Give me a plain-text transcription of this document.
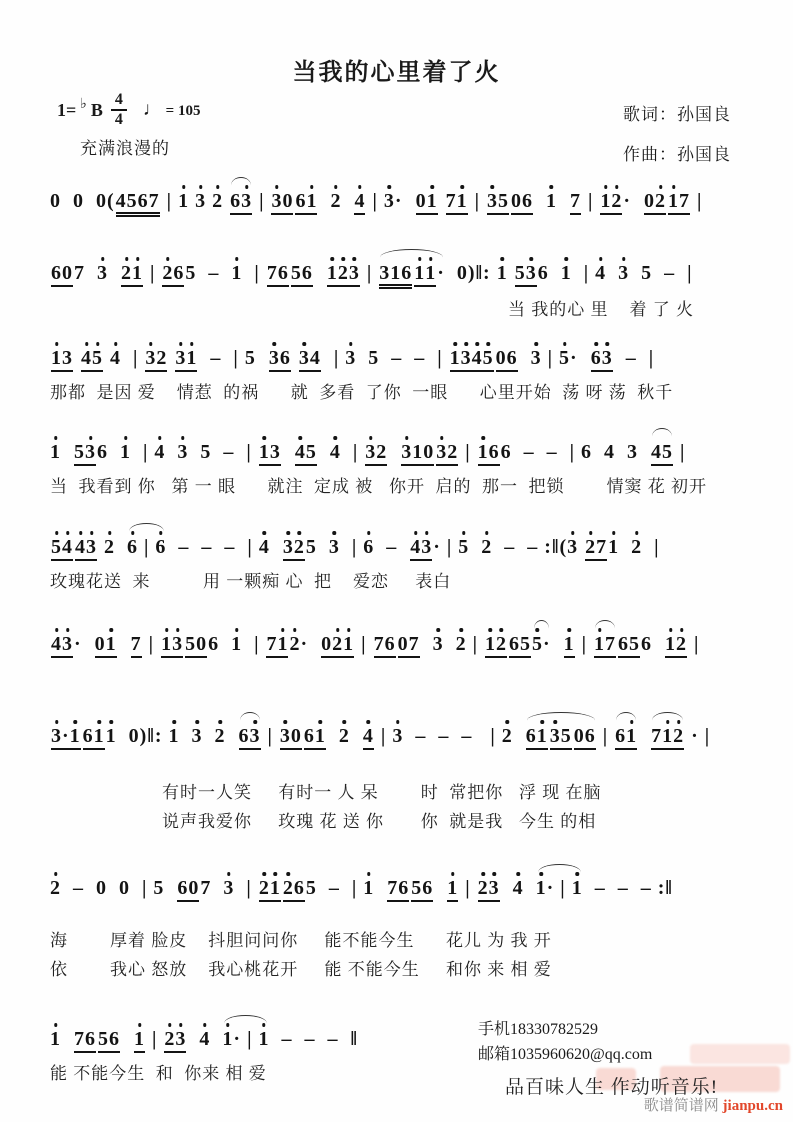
当我的心里着了火
1= ♭ B $\frac{4}{4}$ ♩ = 105	歌词：孙国良
充满浪漫的	作曲：孙国良
0 0 0(4567 | 1 3 2 63 | 3
0 61 2 4 | 3
· 01 71 | 3
5 06 1 7 | 1
2
· 02 1
7 |
607 3 2
1 | 2
65 – 1 | 76 56 1
2
3 | 316 1
1
· 0)‖: 1 53
6 1 | 4 3 5 – |
当 我的心 里    着 了 火
1
3 4
5 4 | 3
2 3
1 – | 5 3
6 3
4 | 3 5 – – | 1
3
4
5 06 3 | 5
· 6
3 – |
那都  是因 爱    情惹  的祸      就  多看  了你  一眼      心里开始  荡 呀 荡  秋千
1 53
6 1 | 4 3 5 – | 1
3 4
5 4 | 3
2 3
10 3
2 | 1
66 – – | 6 4 3 45 |
当  我看到 你   第 一 眼      就注  定成 被   你开  启的  那一  把锁        情窦 花 初开
5
4 4
3 2 6 | 6 – – – | 4 3
2
5 3 | 6 – 4
3
· | 5 2 – – :‖(3 2
71 2 |
玫瑰花送  来          用 一颗痴 心  把    爱恋     表白
4
3
· 01 7 | 1
3 506 1 | 71
2
· 02
1 | 76 07 3 2 | 1
2 655
· 1 | 1
7 656 1
2 |
3
·1 61
1 0)‖: 1 3 2 63 | 3
0 61 2 4 | 3 – – – | 2 61 3
5 06 | 61 71
2 · |
有时一人笑     有时一 人 呆        时  常把你   浮 现 在脑
说声我爱你     玫瑰 花 送 你       你  就是我   今生 的相
2 – 0 0 | 5 607 3 | 2
1 2
65 – | 1 76 56 1 | 2
3 4 1
· | 1 – – – :‖
海        厚着 脸皮    抖胆问问你     能不能今生      花儿 为 我 开
依        我心 怒放    我心桃花开     能 不能今生     和你 来 相 爱
1 76 56 1 | 2
3 4 1
· | 1 – – – ‖
能 不能今生  和  你来 相 爱
手机18330782529
邮箱1035960620@qq.com
品百味人生 作动听音乐!
歌谱简谱网 jianpu.cn
